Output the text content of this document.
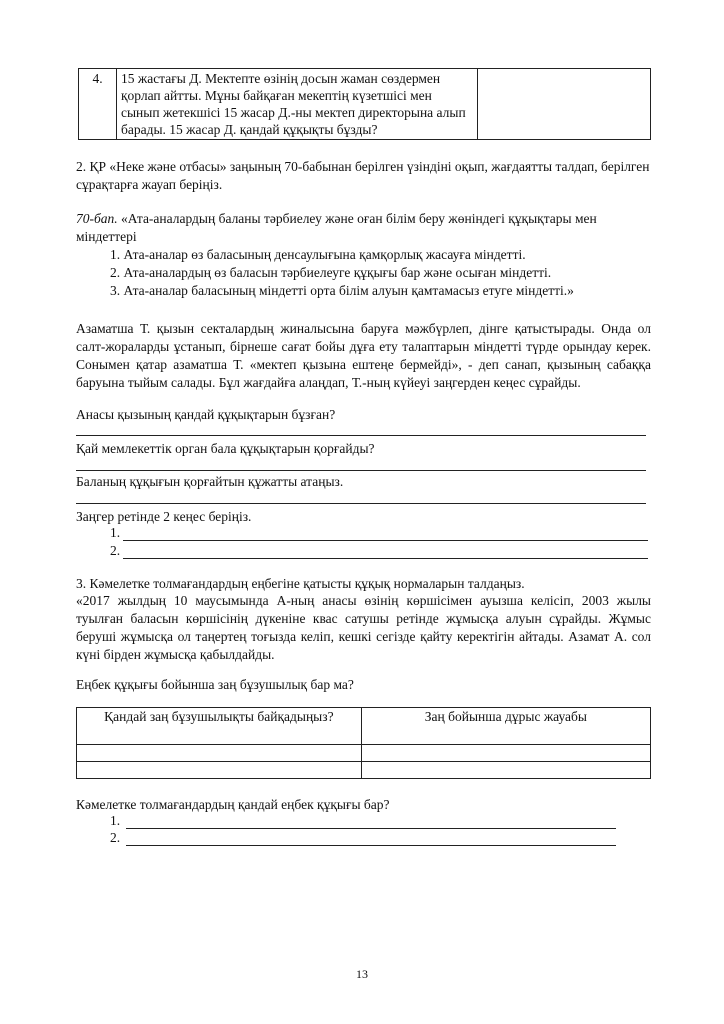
4.	15 жастағы Д. Мектепте өзінің досын жаман сөздермен қорлап айтты. Мұны байқаған мекептің күзетшісі мен сынып жетекшісі 15 жасар Д.-ны мектеп директорына алып барады. 15 жасар Д. қандай құқықты бұзды?	

2. ҚР «Неке және отбасы» заңының 70-бабынан берілген үзіндіні оқып, жағдаятты талдап, берілген сұрақтарға жауап беріңіз.

70-бап. «Ата-аналардың баланы тәрбиелеу және оған білім беру жөніндегі құқықтары мен міндеттері

1. Ата-аналар өз баласының денсаулығына қамқорлық жасауға міндетті.
2. Ата-аналардың өз баласын тәрбиелеуге құқығы бар және осыған міндетті.
3. Ата-аналар баласының міндетті орта білім алуын қамтамасыз етуге міндетті.»

Азаматша Т. қызын секталардың жиналысына баруға мәжбүрлеп, дінге қатыстырады. Онда ол салт-жораларды ұстанып, бірнеше сағат бойы дұға ету талаптарын міндетті түрде орындау керек. Сонымен қатар азаматша Т. «мектеп қызына ештеңе бермейді», - деп санап, қызының сабаққа баруына тыйым салады. Бұл жағдайға алаңдап, Т.-ның күйеуі заңгерден кеңес сұрайды.

Анасы қызының қандай құқықтарын бұзған?

Қай мемлекеттік орган бала құқықтарын қорғайды?

Баланың құқығын қорғайтын құжатты атаңыз.

Заңгер ретінде 2 кеңес беріңіз.

1.
2.

3. Кәмелетке толмағандардың еңбегіне қатысты құқық нормаларын талдаңыз.

«2017 жылдың 10 маусымында А-ның анасы өзінің көршісімен ауызша келісіп, 2003 жылы туылған баласын көршісінің дүкеніне квас сатушы ретінде жұмысқа алуын сұрайды. Жұмыс беруші жұмысқа ол таңертең тоғызда келіп, кешкі сегізде қайту керектігін айтады. Азамат А. сол күні бірден жұмысқа қабылдайды.

Еңбек құқығы бойынша заң бұзушылық бар ма?

Қандай заң бұзушылықты байқадыңыз?	Заң бойынша дұрыс жауабы

Кәмелетке толмағандардың қандай еңбек құқығы бар?

1.
2.
13
